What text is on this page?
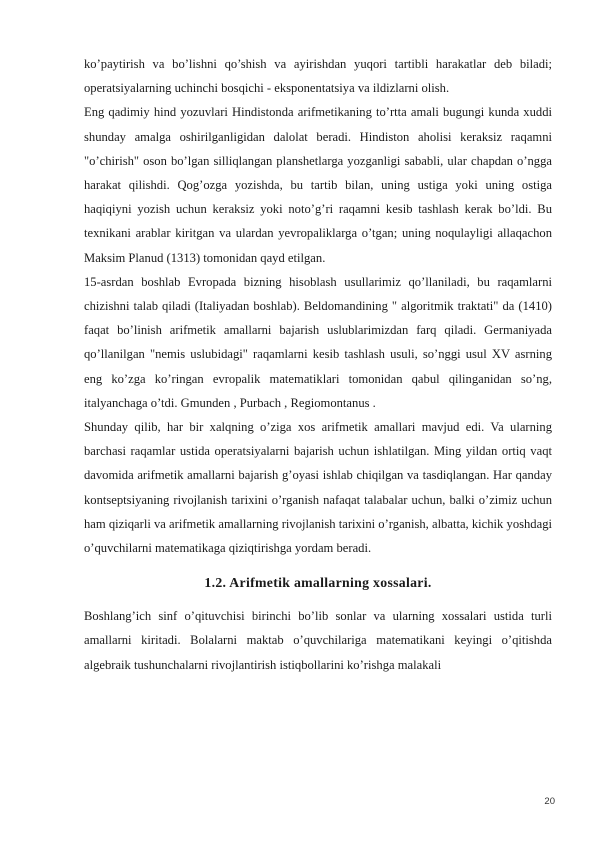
ko’paytirish va bo’lishni qo’shish va ayirishdan yuqori tartibli harakatlar deb biladi; operatsiyalarning uchinchi bosqichi - eksponentatsiya va ildizlarni olish.

Eng qadimiy hind yozuvlari Hindistonda arifmetikaning to’rtta amali bugungi kunda xuddi shunday amalga oshirilganligidan dalolat beradi. Hindiston aholisi keraksiz raqamni "o’chirish" oson bo’lgan silliqlangan planshetlarga yozganligi sababli, ular chapdan o’ngga harakat qilishdi. Qog’ozga yozishda, bu tartib bilan, uning ustiga yoki uning ostiga haqiqiyni yozish uchun keraksiz yoki noto’g’ri raqamni kesib tashlash kerak bo’ldi. Bu texnikani arablar kiritgan va ulardan yevropaliklarga o’tgan; uning noqulayligi allaqachon Maksim Planud (1313) tomonidan qayd etilgan.

15-asrdan boshlab Evropada bizning hisoblash usullarimiz qo’llaniladi, bu raqamlarni chizishni talab qiladi (Italiyadan boshlab). Beldomandining " algoritmik traktati" da (1410) faqat bo’linish arifmetik amallarni bajarish uslublarimizdan farq qiladi. Germaniyada qo’llanilgan "nemis uslubidagi" raqamlarni kesib tashlash usuli, so’nggi usul XV asrning eng ko’zga ko’ringan evropalik matematiklari tomonidan qabul qilinganidan so’ng, italyanchaga o’tdi. Gmunden , Purbach , Regiomontanus .

Shunday qilib, har bir xalqning o’ziga xos arifmetik amallari mavjud edi. Va ularning barchasi raqamlar ustida operatsiyalarni bajarish uchun ishlatilgan. Ming yildan ortiq vaqt davomida arifmetik amallarni bajarish g’oyasi ishlab chiqilgan va tasdiqlangan. Har qanday kontseptsiyaning rivojlanish tarixini o’rganish nafaqat talabalar uchun, balki o’zimiz uchun ham qiziqarli va arifmetik amallarning rivojlanish tarixini o’rganish, albatta, kichik yoshdagi o’quvchilarni matematikaga qiziqtirishga yordam beradi.

1.2. Arifmetik amallarning xossalari.

Boshlang’ich sinf o’qituvchisi birinchi bo’lib sonlar va ularning xossalari ustida turli amallarni kiritadi. Bolalarni maktab o’quvchilariga matematikani keyingi o’qitishda algebraik tushunchalarni rivojlantirish istiqbollarini ko’rishga malakali

20
